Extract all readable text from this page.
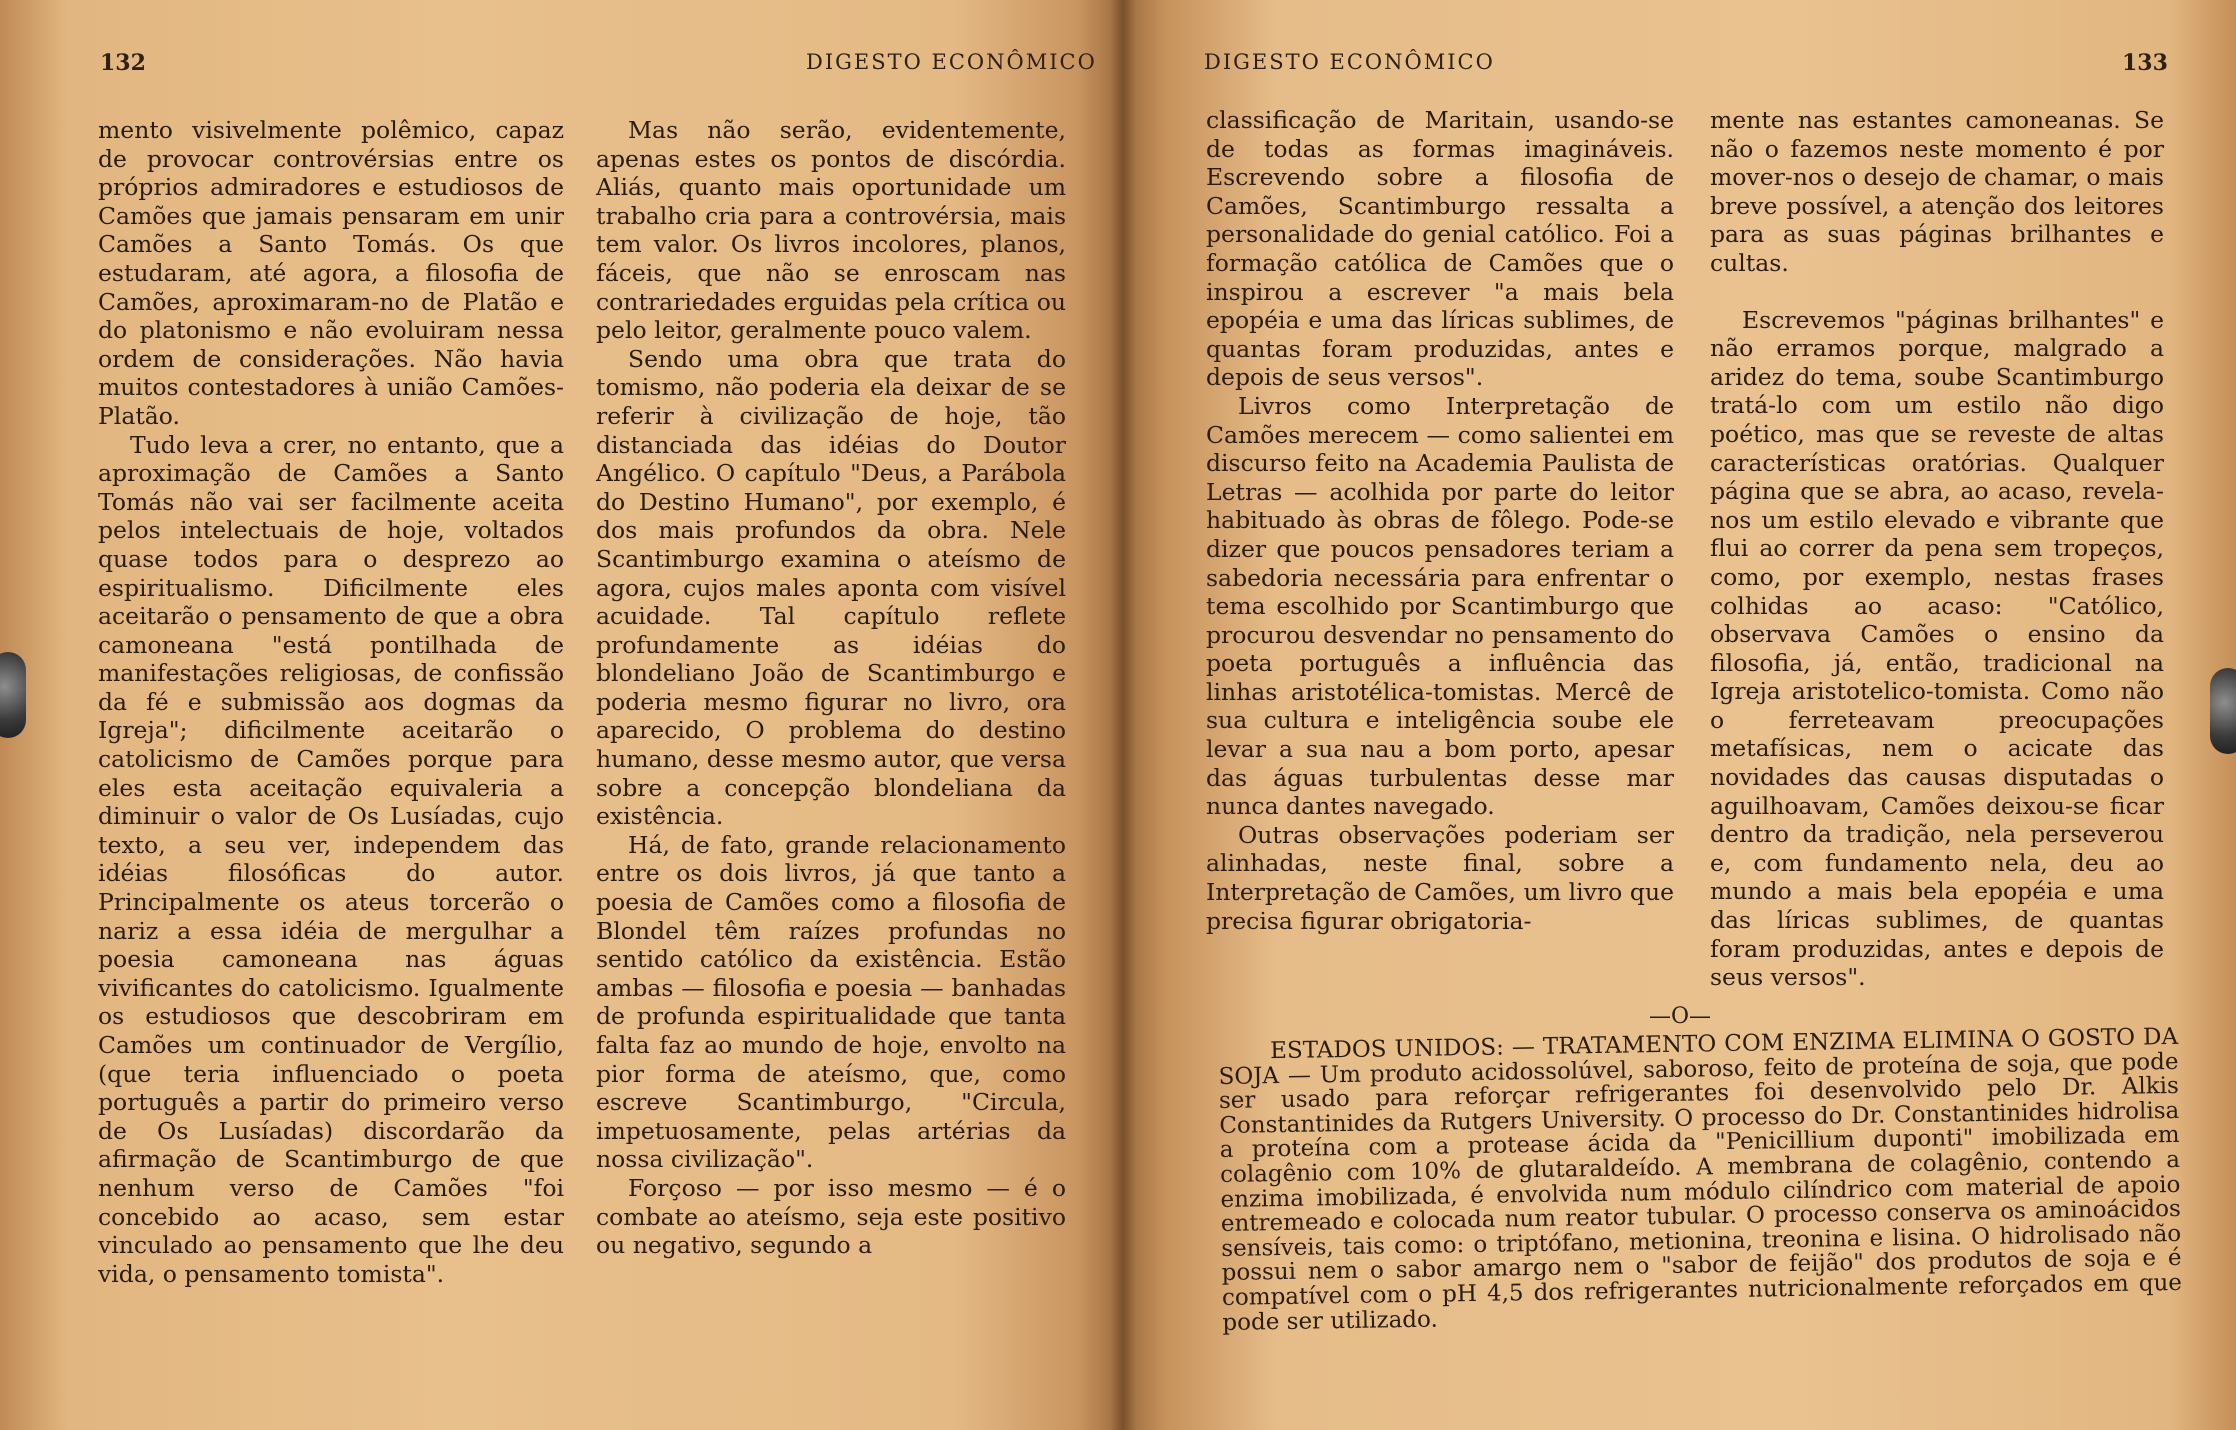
132	DIGESTO ECONÔMICO

mento visivelmente polêmico, capaz de provocar controvérsias entre os próprios admiradores e estudiosos de Camões que jamais pensaram em unir Camões a Santo Tomás. Os que estudaram, até agora, a filosofia de Camões, aproximaram-no de Platão e do platonismo e não evoluiram nessa ordem de considerações. Não havia muitos contestadores à união Camões-Platão.

Tudo leva a crer, no entanto, que a aproximação de Camões a Santo Tomás não vai ser facilmente aceita pelos intelectuais de hoje, voltados quase todos para o desprezo ao espiritualismo. Dificilmente eles aceitarão o pensamento de que a obra camoneana "está pontilhada de manifestações religiosas, de confissão da fé e submissão aos dogmas da Igreja"; dificilmente aceitarão o catolicismo de Camões porque para eles esta aceitação equivaleria a diminuir o valor de Os Lusíadas, cujo texto, a seu ver, independem das idéias filosóficas do autor. Principalmente os ateus torcerão o nariz a essa idéia de mergulhar a poesia camoneana nas águas vivificantes do catolicismo. Igualmente os estudiosos que descobriram em Camões um continuador de Vergílio, (que teria influenciado o poeta português a partir do primeiro verso de Os Lusíadas) discordarão da afirmação de Scantimburgo de que nenhum verso de Camões "foi concebido ao acaso, sem estar vinculado ao pensamento que lhe deu vida, o pensamento tomista".

Mas não serão, evidentemente, apenas estes os pontos de discórdia. Aliás, quanto mais oportunidade um trabalho cria para a controvérsia, mais tem valor. Os livros incolores, planos, fáceis, que não se enroscam nas contrariedades erguidas pela crítica ou pelo leitor, geralmente pouco valem.

Sendo uma obra que trata do tomismo, não poderia ela deixar de se referir à civilização de hoje, tão distanciada das idéias do Doutor Angélico. O capítulo "Deus, a Parábola do Destino Humano", por exemplo, é dos mais profundos da obra. Nele Scantimburgo examina o ateísmo de agora, cujos males aponta com visível acuidade. Tal capítulo reflete profundamente as idéias do blondeliano João de Scantimburgo e poderia mesmo figurar no livro, ora aparecido, O problema do destino humano, desse mesmo autor, que versa sobre a concepção blondeliana da existência.

Há, de fato, grande relacionamento entre os dois livros, já que tanto a poesia de Camões como a filosofia de Blondel têm raízes profundas no sentido católico da existência. Estão ambas — filosofia e poesia — banhadas de profunda espiritualidade que tanta falta faz ao mundo de hoje, envolto na pior forma de ateísmo, que, como escreve Scantimburgo, "Circula, impetuosamente, pelas artérias da nossa civilização".

Forçoso — por isso mesmo — é o combate ao ateísmo, seja este positivo ou negativo, segundo a

DIGESTO ECONÔMICO	133

classificação de Maritain, usando-se de todas as formas imagináveis. Escrevendo sobre a filosofia de Camões, Scantimburgo ressalta a personalidade do genial católico. Foi a formação católica de Camões que o inspirou a escrever "a mais bela epopéia e uma das líricas sublimes, de quantas foram produzidas, antes e depois de seus versos".

Livros como Interpretação de Camões merecem — como salientei em discurso feito na Academia Paulista de Letras — acolhida por parte do leitor habituado às obras de fôlego. Pode-se dizer que poucos pensadores teriam a sabedoria necessária para enfrentar o tema escolhido por Scantimburgo que procurou desvendar no pensamento do poeta português a influência das linhas aristotélica-tomistas. Mercê de sua cultura e inteligência soube ele levar a sua nau a bom porto, apesar das águas turbulentas desse mar nunca dantes navegado.

Outras observações poderiam ser alinhadas, neste final, sobre a Interpretação de Camões, um livro que precisa figurar obrigatoria-

mente nas estantes camoneanas. Se não o fazemos neste momento é por mover-nos o desejo de chamar, o mais breve possível, a atenção dos leitores para as suas páginas brilhantes e cultas.

Escrevemos "páginas brilhantes" e não erramos porque, malgrado a aridez do tema, soube Scantimburgo tratá-lo com um estilo não digo poético, mas que se reveste de altas características oratórias. Qualquer página que se abra, ao acaso, revela-nos um estilo elevado e vibrante que flui ao correr da pena sem tropeços, como, por exemplo, nestas frases colhidas ao acaso: "Católico, observava Camões o ensino da filosofia, já, então, tradicional na Igreja aristotelico-tomista. Como não o ferreteavam preocupações metafísicas, nem o acicate das novidades das causas disputadas o aguilhoavam, Camões deixou-se ficar dentro da tradição, nela perseverou e, com fundamento nela, deu ao mundo a mais bela epopéia e uma das líricas sublimes, de quantas foram produzidas, antes e depois de seus versos".

—O—

ESTADOS UNIDOS: — TRATAMENTO COM ENZIMA ELIMINA O GOSTO DA SOJA — Um produto acidossolúvel, saboroso, feito de proteína de soja, que pode ser usado para reforçar refrigerantes foi desenvolvido pelo Dr. Alkis Constantinides da Rutgers University. O processo do Dr. Constantinides hidrolisa a proteína com a protease ácida da "Penicillium duponti" imobilizada em colagênio com 10% de glutaraldeído. A membrana de colagênio, contendo a enzima imobilizada, é envolvida num módulo cilíndrico com material de apoio entremeado e colocada num reator tubular. O processo conserva os aminoácidos sensíveis, tais como: o triptófano, metionina, treonina e lisina. O hidrolisado não possui nem o sabor amargo nem o "sabor de feijão" dos produtos de soja e é compatível com o pH 4,5 dos refrigerantes nutricionalmente reforçados em que pode ser utilizado.
